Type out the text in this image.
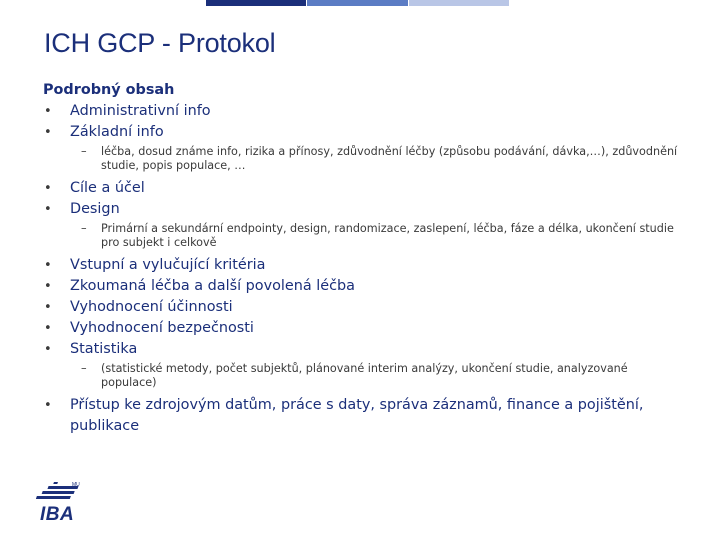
ICH GCP - Protokol
Podrobný obsah
• Administrativní info
• Základní info
– léčba, dosud známe info, rizika a přínosy, zdůvodnění léčby (způsobu podávání, dávka,…), zdůvodnění studie, popis populace, …
• Cíle a účel
• Design
– Primární a sekundární endpointy, design, randomizace, zaslepení, léčba, fáze a délka, ukončení studie pro subjekt i celkově
• Vstupní a vylučující kritéria
• Zkoumaná léčba a další povolená léčba
• Vyhodnocení účinnosti
• Vyhodnocení bezpečnosti
• Statistika
– (statistické metody, počet subjektů, plánované interim analýzy, ukončení studie, analyzované populace)
• Přístup ke zdrojovým datům, práce s daty, správa záznamů, finance a pojištění, publikace
MU
IBA
